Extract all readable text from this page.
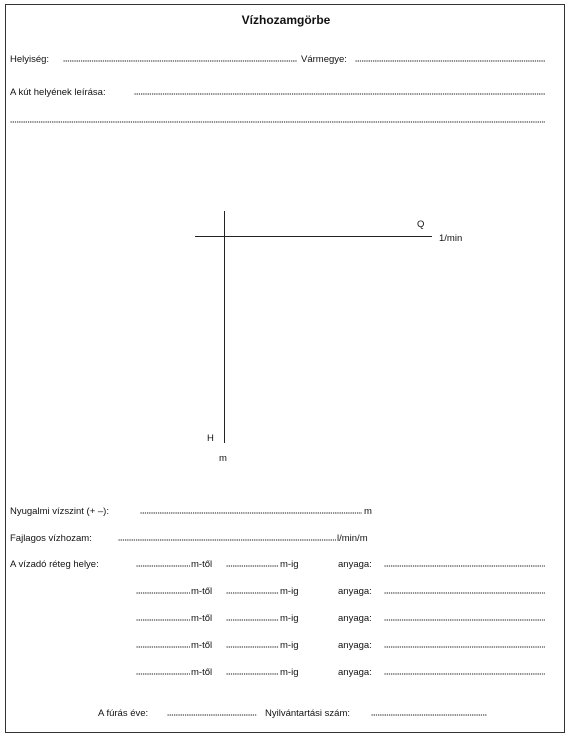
Vízhozamgörbe
Helyiség:	Vármegye:
A kút helyének leírása:
Q
1/min
H
m
Nyugalmi vízszint (+ –):	m
Fajlagos vízhozam:	l/min/m
A vízadó réteg helye:	m-től	m-ig	anyaga:
m-től	m-ig	anyaga:
m-től	m-ig	anyaga:
m-től	m-ig	anyaga:
m-től	m-ig	anyaga:
A fúrás éve:	Nyilvántartási szám:
